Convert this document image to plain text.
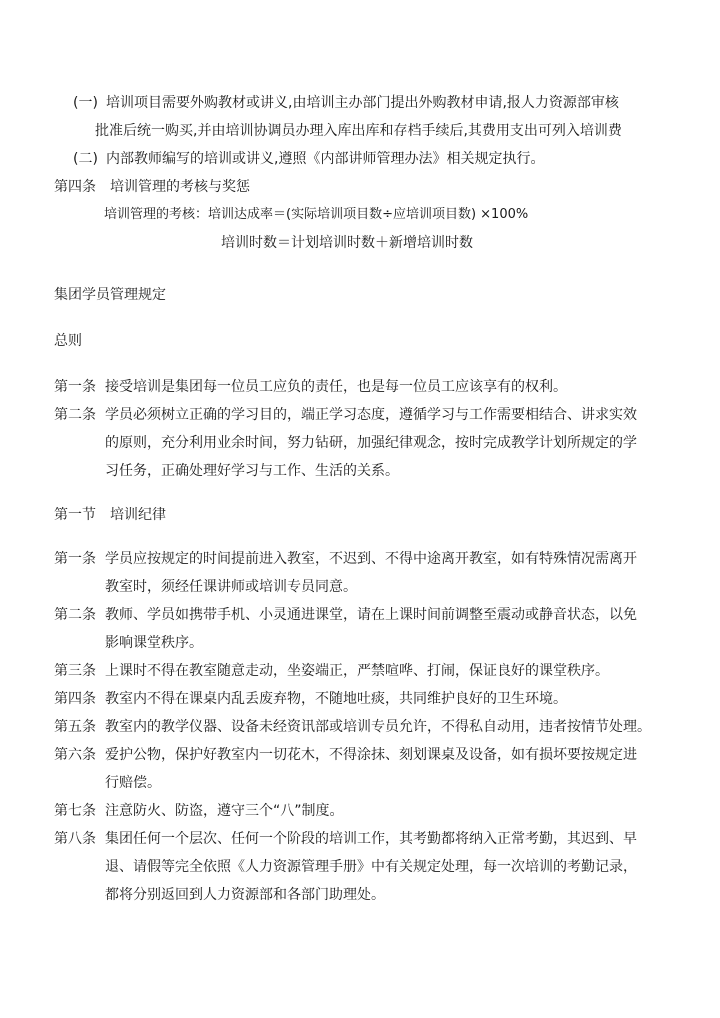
(一) 培训项目需要外购教材或讲义,由培训主办部门提出外购教材申请,报人力资源部审核
批准后统一购买,并由培训协调员办理入库出库和存档手续后,其费用支出可列入培训费
(二) 内部教师编写的培训或讲义,遵照《内部讲师管理办法》相关规定执行。
第四条　培训管理的考核与奖惩
培训管理的考核：培训达成率＝(实际培训项目数÷应培训项目数) ×100%
培训时数＝计划培训时数＋新增培训时数
集团学员管理规定
总则
第一条 接受培训是集团每一位员工应负的责任，也是每一位员工应该享有的权利。
第二条 学员必须树立正确的学习目的，端正学习态度，遵循学习与工作需要相结合、讲求实效
的原则，充分利用业余时间，努力钻研，加强纪律观念，按时完成教学计划所规定的学
习任务，正确处理好学习与工作、生活的关系。
第一节　培训纪律
第一条 学员应按规定的时间提前进入教室，不迟到、不得中途离开教室，如有特殊情况需离开
教室时，须经任课讲师或培训专员同意。
第二条 教师、学员如携带手机、小灵通进课堂，请在上课时间前调整至震动或静音状态，以免
影响课堂秩序。
第三条 上课时不得在教室随意走动，坐姿端正，严禁喧哗、打闹，保证良好的课堂秩序。
第四条 教室内不得在课桌内乱丢废弃物，不随地吐痰，共同维护良好的卫生环境。
第五条 教室内的教学仪器、设备未经资讯部或培训专员允许，不得私自动用，违者按情节处理。
第六条 爱护公物，保护好教室内一切花木，不得涂抹、刻划课桌及设备，如有损坏要按规定进
行赔偿。
第七条 注意防火、防盗，遵守三个“八”制度。
第八条 集团任何一个层次、任何一个阶段的培训工作，其考勤都将纳入正常考勤，其迟到、早
退、请假等完全依照《人力资源管理手册》中有关规定处理，每一次培训的考勤记录，
都将分别返回到人力资源部和各部门助理处。
